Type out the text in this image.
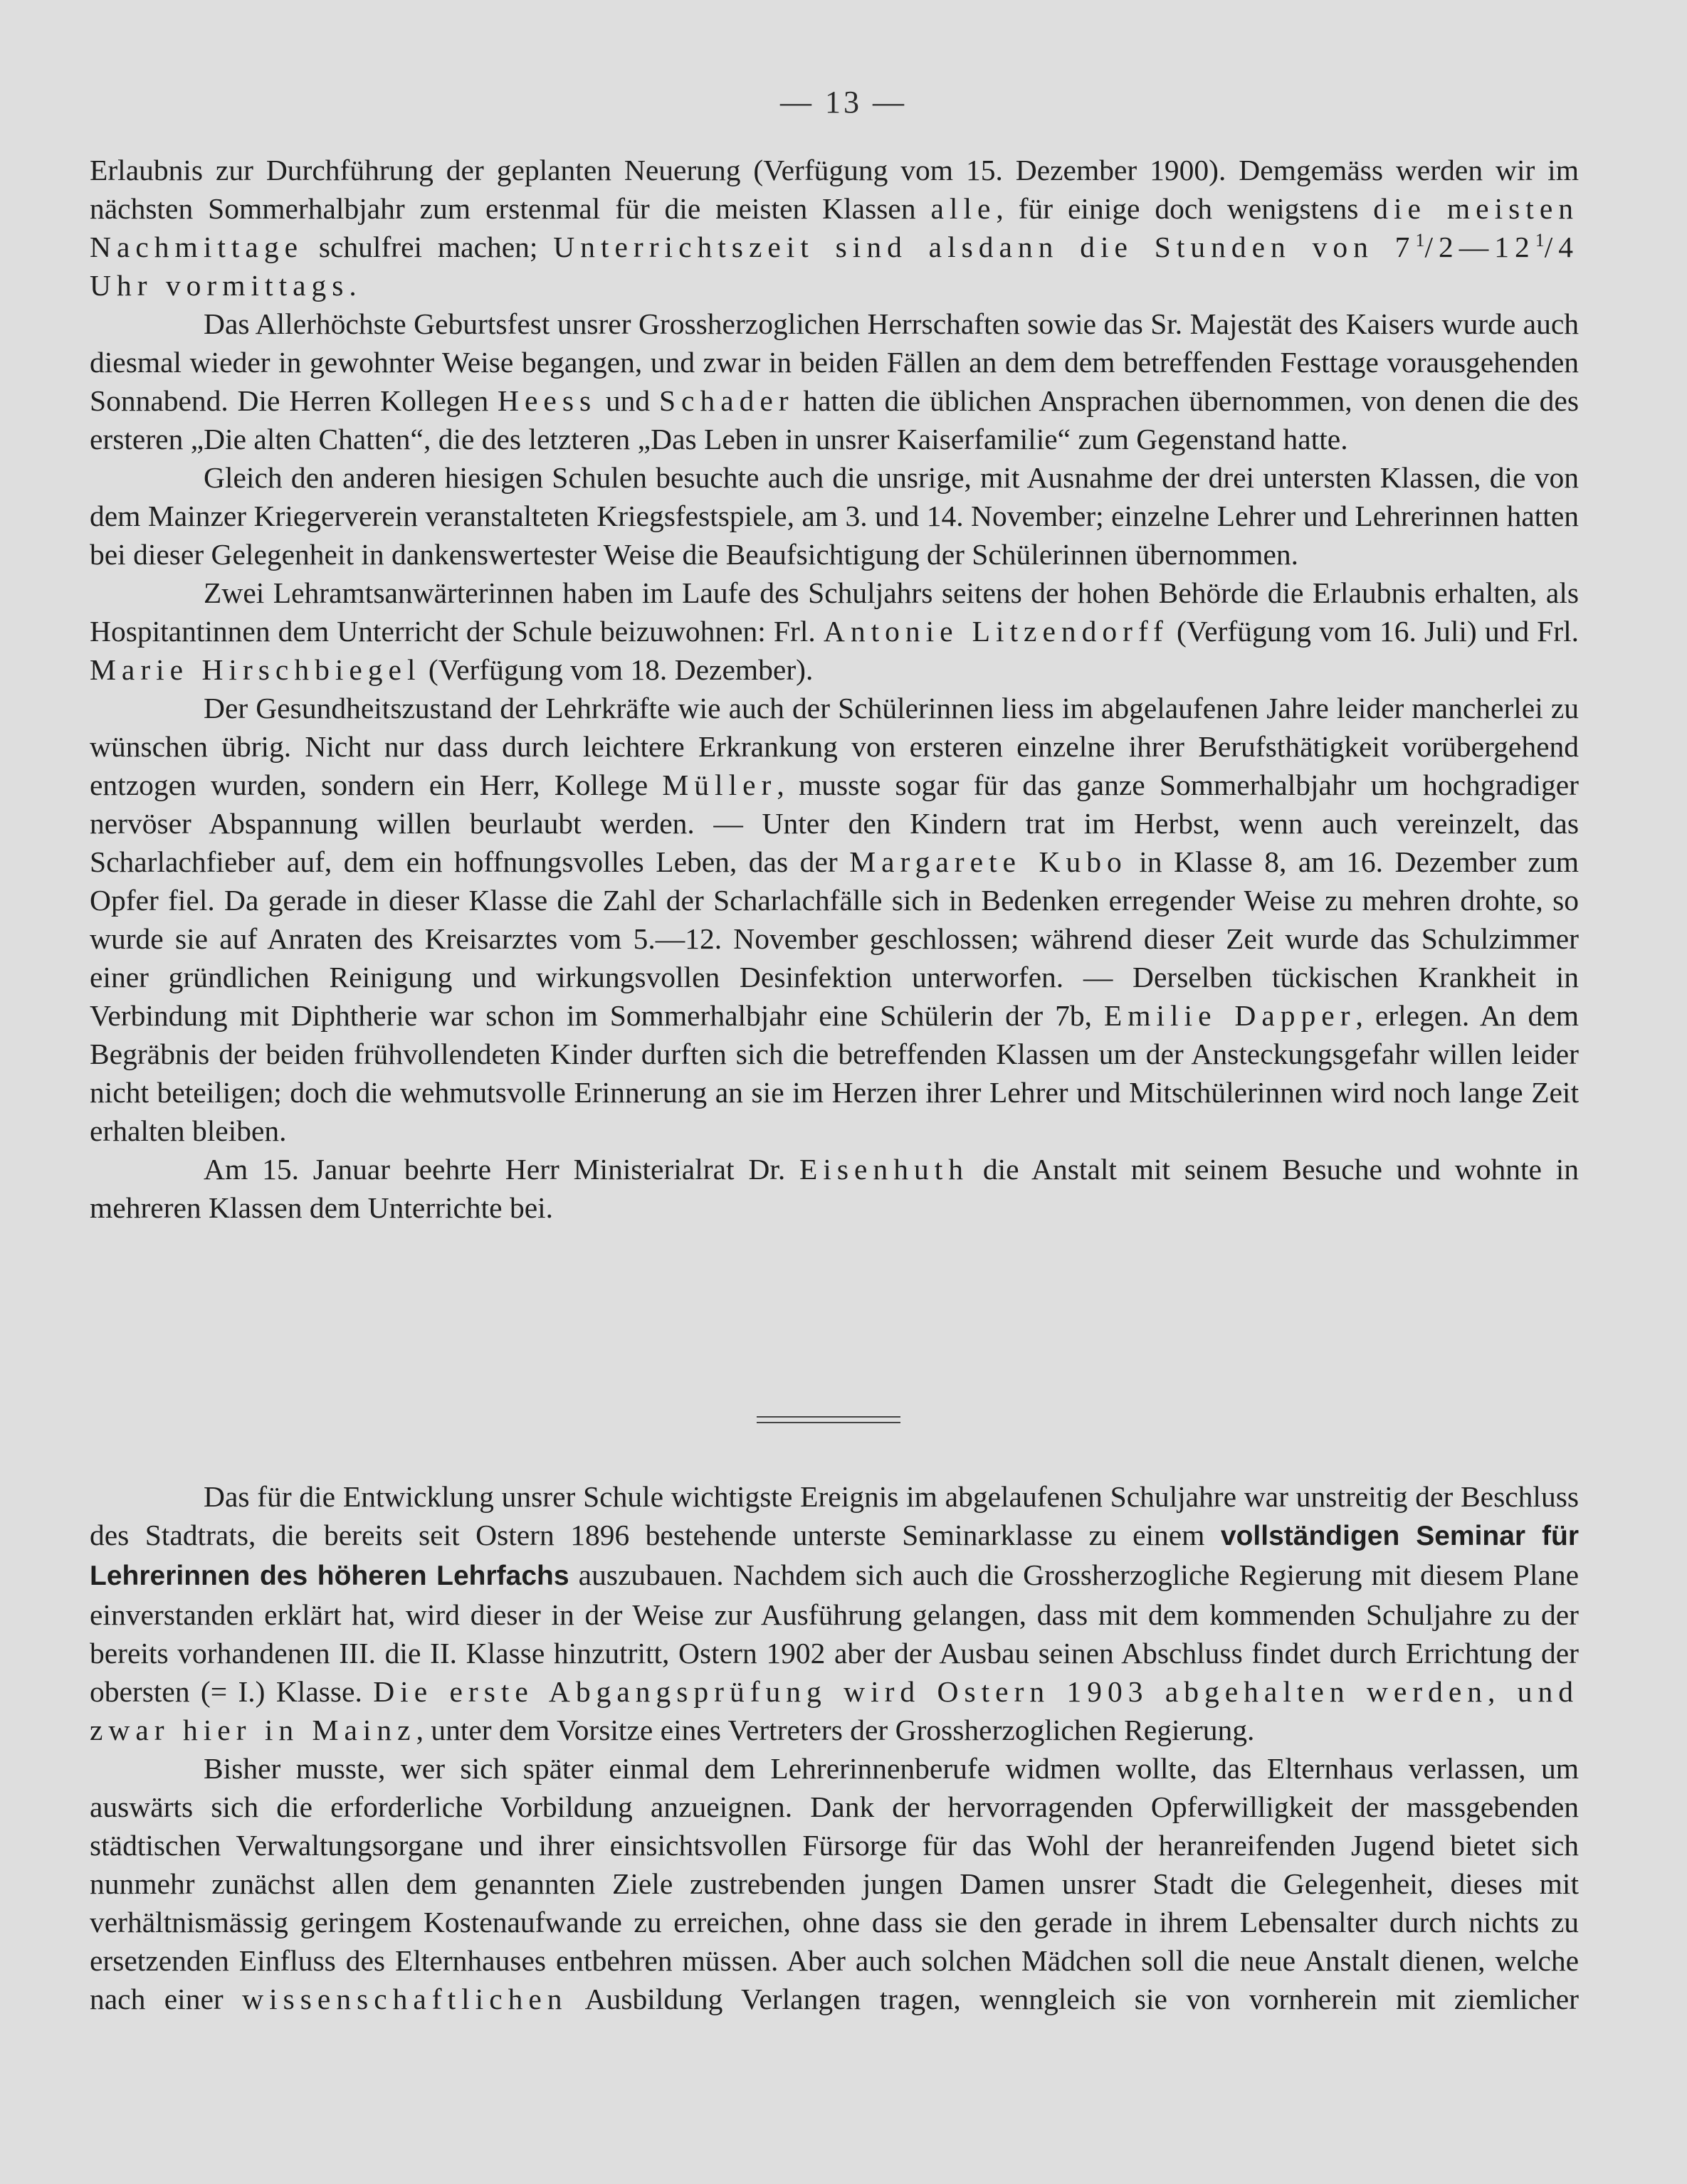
— 13 —

Erlaubnis zur Durchführung der geplanten Neuerung (Verfügung vom 15. Dezember 1900). Demgemäss werden wir im nächsten Sommerhalbjahr zum erstenmal für die meisten Klassen alle, für einige doch wenigstens die meisten Nachmittage schulfrei machen; Unterrichtszeit sind alsdann die Stunden von $7^1/2—12^1/4$ Uhr vormittags.

Das Allerhöchste Geburtsfest unsrer Grossherzoglichen Herrschaften sowie das Sr. Majestät des Kaisers wurde auch diesmal wieder in gewohnter Weise begangen, und zwar in beiden Fällen an dem dem betreffenden Festtage vorausgehenden Sonnabend. Die Herren Kollegen Heess und Schader hatten die üblichen Ansprachen übernommen, von denen die des ersteren „Die alten Chatten“, die des letzteren „Das Leben in unsrer Kaiserfamilie“ zum Gegenstand hatte.

Gleich den anderen hiesigen Schulen besuchte auch die unsrige, mit Ausnahme der drei untersten Klassen, die von dem Mainzer Kriegerverein veranstalteten Kriegsfestspiele, am 3. und 14. November; einzelne Lehrer und Lehrerinnen hatten bei dieser Gelegenheit in dankenswertester Weise die Beaufsichtigung der Schülerinnen übernommen.

Zwei Lehramtsanwärterinnen haben im Laufe des Schuljahrs seitens der hohen Behörde die Erlaubnis erhalten, als Hospitantinnen dem Unterricht der Schule beizuwohnen: Frl. Antonie Litzendorff (Verfügung vom 16. Juli) und Frl. Marie Hirschbiegel (Verfügung vom 18. Dezember).

Der Gesundheitszustand der Lehrkräfte wie auch der Schülerinnen liess im abgelaufenen Jahre leider mancherlei zu wünschen übrig. Nicht nur dass durch leichtere Erkrankung von ersteren einzelne ihrer Berufsthätigkeit vorübergehend entzogen wurden, sondern ein Herr, Kollege Müller, musste sogar für das ganze Sommerhalbjahr um hochgradiger nervöser Abspannung willen beurlaubt werden. — Unter den Kindern trat im Herbst, wenn auch vereinzelt, das Scharlachfieber auf, dem ein hoffnungsvolles Leben, das der Margarete Kubo in Klasse 8, am 16. Dezember zum Opfer fiel. Da gerade in dieser Klasse die Zahl der Scharlachfälle sich in Bedenken erregender Weise zu mehren drohte, so wurde sie auf Anraten des Kreisarztes vom 5.—12. November geschlossen; während dieser Zeit wurde das Schulzimmer einer gründlichen Reinigung und wirkungsvollen Desinfektion unterworfen. — Derselben tückischen Krankheit in Verbindung mit Diphtherie war schon im Sommerhalbjahr eine Schülerin der 7b, Emilie Dapper, erlegen. An dem Begräbnis der beiden frühvollendeten Kinder durften sich die betreffenden Klassen um der Ansteckungsgefahr willen leider nicht beteiligen; doch die wehmutsvolle Erinnerung an sie im Herzen ihrer Lehrer und Mitschülerinnen wird noch lange Zeit erhalten bleiben.

Am 15. Januar beehrte Herr Ministerialrat Dr. Eisenhuth die Anstalt mit seinem Besuche und wohnte in mehreren Klassen dem Unterrichte bei.

Das für die Entwicklung unsrer Schule wichtigste Ereignis im abgelaufenen Schuljahre war unstreitig der Beschluss des Stadtrats, die bereits seit Ostern 1896 bestehende unterste Seminarklasse zu einem vollständigen Seminar für Lehrerinnen des höheren Lehrfachs auszubauen. Nachdem sich auch die Grossherzogliche Regierung mit diesem Plane einverstanden erklärt hat, wird dieser in der Weise zur Ausführung gelangen, dass mit dem kommenden Schuljahre zu der bereits vorhandenen III. die II. Klasse hinzutritt, Ostern 1902 aber der Ausbau seinen Abschluss findet durch Errichtung der obersten (= I.) Klasse. Die erste Abgangsprüfung wird Ostern 1903 abgehalten werden, und zwar hier in Mainz, unter dem Vorsitze eines Vertreters der Grossherzoglichen Regierung.

Bisher musste, wer sich später einmal dem Lehrerinnenberufe widmen wollte, das Elternhaus verlassen, um auswärts sich die erforderliche Vorbildung anzueignen. Dank der hervorragenden Opferwilligkeit der massgebenden städtischen Verwaltungsorgane und ihrer einsichtsvollen Fürsorge für das Wohl der heranreifenden Jugend bietet sich nunmehr zunächst allen dem genannten Ziele zustrebenden jungen Damen unsrer Stadt die Gelegenheit, dieses mit verhältnismässig geringem Kostenaufwande zu erreichen, ohne dass sie den gerade in ihrem Lebensalter durch nichts zu ersetzenden Einfluss des Elternhauses entbehren müssen. Aber auch solchen Mädchen soll die neue Anstalt dienen, welche nach einer wissenschaftlichen Ausbildung Verlangen tragen, wenngleich sie von vornherein mit ziemlicher
